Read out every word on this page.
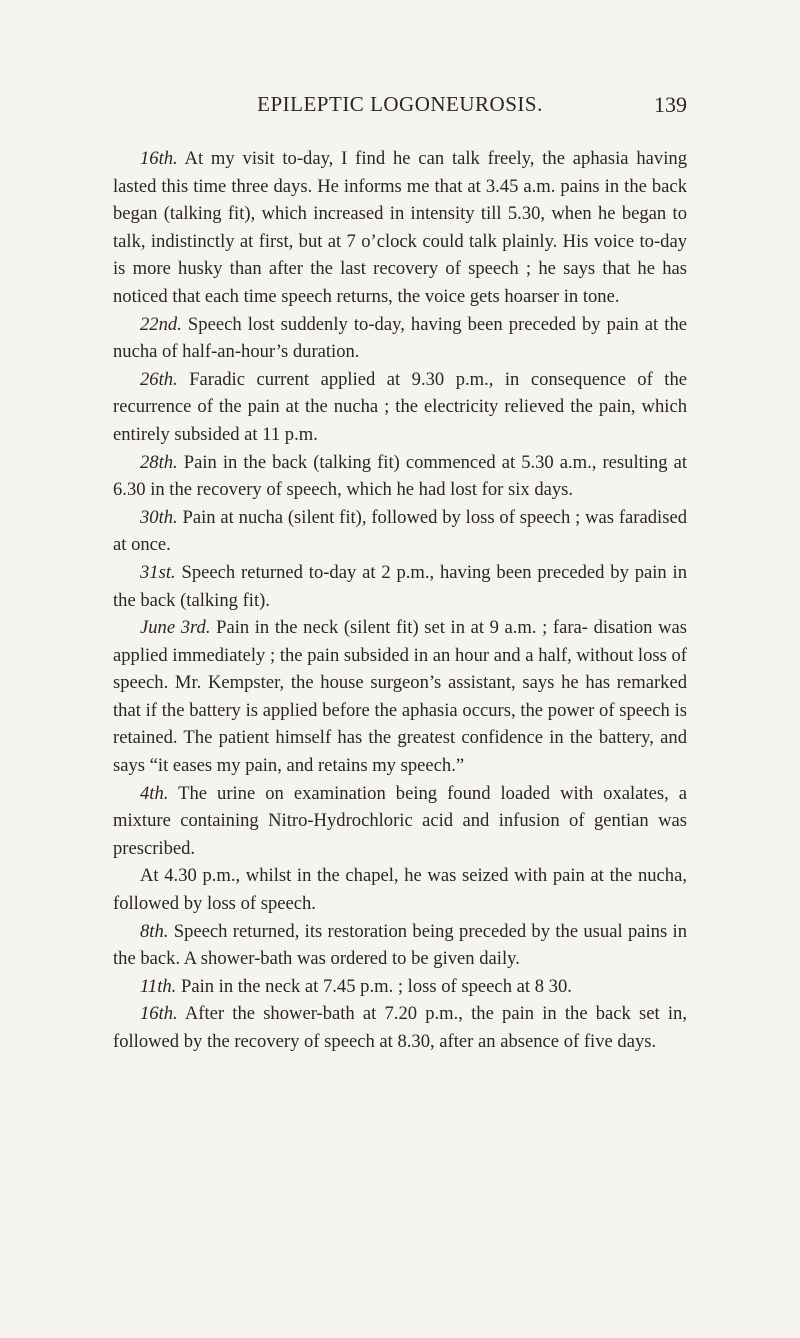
EPILEPTIC LOGONEUROSIS.	139

16th. At my visit to-day, I find he can talk freely, the aphasia having lasted this time three days. He informs me that at 3.45 a.m. pains in the back began (talking fit), which increased in intensity till 5.30, when he began to talk, indistinctly at first, but at 7 o’clock could talk plainly. His voice to-day is more husky than after the last recovery of speech ; he says that he has noticed that each time speech returns, the voice gets hoarser in tone.

22nd. Speech lost suddenly to-day, having been preceded by pain at the nucha of half-an-hour’s duration.

26th. Faradic current applied at 9.30 p.m., in consequence of the recurrence of the pain at the nucha ; the electricity relieved the pain, which entirely subsided at 11 p.m.

28th. Pain in the back (talking fit) commenced at 5.30 a.m., resulting at 6.30 in the recovery of speech, which he had lost for six days.

30th. Pain at nucha (silent fit), followed by loss of speech ; was faradised at once.

31st. Speech returned to-day at 2 p.m., having been preceded by pain in the back (talking fit).

June 3rd. Pain in the neck (silent fit) set in at 9 a.m. ; fara- disation was applied immediately ; the pain subsided in an hour and a half, without loss of speech. Mr. Kempster, the house surgeon’s assistant, says he has remarked that if the battery is applied before the aphasia occurs, the power of speech is retained. The patient himself has the greatest confidence in the battery, and says “it eases my pain, and retains my speech.”

4th. The urine on examination being found loaded with oxalates, a mixture containing Nitro-Hydrochloric acid and infusion of gentian was prescribed.

At 4.30 p.m., whilst in the chapel, he was seized with pain at the nucha, followed by loss of speech.

8th. Speech returned, its restoration being preceded by the usual pains in the back. A shower-bath was ordered to be given daily.

11th. Pain in the neck at 7.45 p.m. ; loss of speech at 8 30.

16th. After the shower-bath at 7.20 p.m., the pain in the back set in, followed by the recovery of speech at 8.30, after an absence of five days.
